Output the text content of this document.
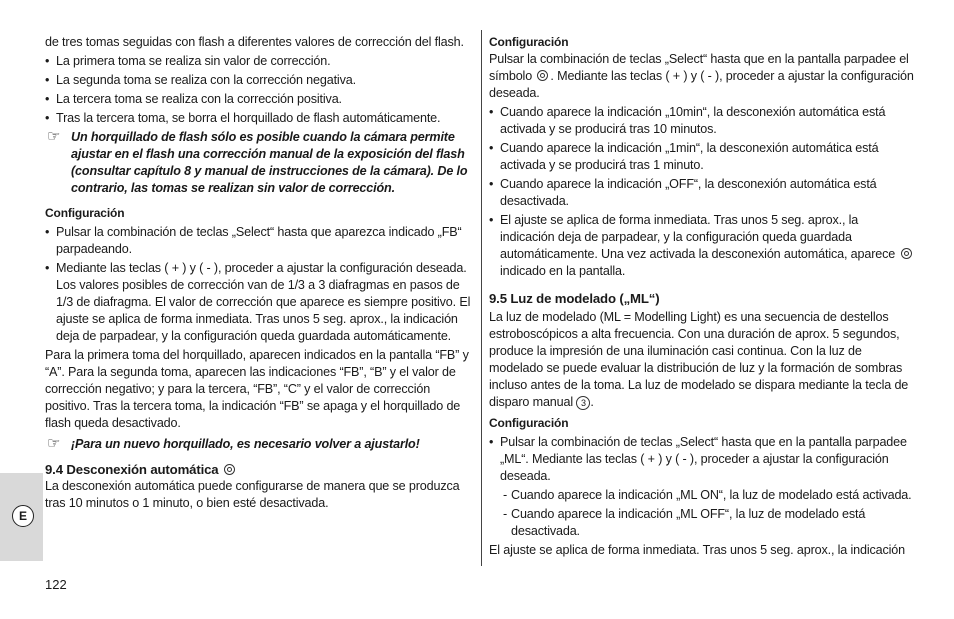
de tres tomas seguidas con flash a diferentes valores de corrección del flash.

• La primera toma se realiza sin valor de corrección.
• La segunda toma se realiza con la corrección negativa.
• La tercera toma se realiza con la corrección positiva.
• Tras la tercera toma, se borra el horquillado de flash automáticamente.
☞ Un horquillado de flash sólo es posible cuando la cámara permite ajustar en el flash una corrección manual de la exposición del flash (consultar capítulo 8 y manual de instrucciones de la cámara). De lo contrario, las tomas se realizan sin valor de corrección.

Configuración

• Pulsar la combinación de teclas „Select“ hasta que aparezca indicado „FB“ parpadeando.
• Mediante las teclas ( + ) y ( - ), proceder a ajustar la configuración deseada. Los valores posibles de corrección van de 1/3 a 3 diafragmas en pasos de 1/3 de diafragma. El valor de corrección que aparece es siempre positivo. El ajuste se aplica de forma inmediata. Tras unos 5 seg. aprox., la indicación deja de parpadear, y la configuración queda guardada automáticamente.

Para la primera toma del horquillado, aparecen indicados en la pantalla “FB” y “A”. Para la segunda toma, aparecen las indicaciones “FB”, “B” y el valor de corrección negativo; y para la tercera, “FB”, “C” y el valor de corrección positivo. Tras la tercera toma, la indicación “FB” se apaga y el horquillado de flash queda desactivado.

☞ ¡Para un nuevo horquillado, es necesario volver a ajustarlo!

9.4 Desconexión automática

La desconexión automática puede configurarse de manera que se produzca tras 10 minutos o 1 minuto, o bien esté desactivada.

Configuración

Pulsar la combinación de teclas „Select“ hasta que en la pantalla parpadee el símbolo . Mediante las teclas ( + ) y ( - ), proceder a ajustar la configuración deseada.

• Cuando aparece la indicación „10min“, la desconexión automática está activada y se producirá tras 10 minutos.
• Cuando aparece la indicación „1min“, la desconexión automática está activada y se producirá tras 1 minuto.
• Cuando aparece la indicación „OFF“, la desconexión automática está desactivada.
• El ajuste se aplica de forma inmediata. Tras unos 5 seg. aprox., la indicación deja de parpadear, y la configuración queda guardada automáticamente. Una vez activada la desconexión automática, aparece  indicado en la pantalla.

9.5 Luz de modelado („ML“)

La luz de modelado (ML = Modelling Light) es una secuencia de destellos estroboscópicos a alta frecuencia. Con una duración de aprox. 5 segundos, produce la impresión de una iluminación casi continua. Con la luz de modelado se puede evaluar la distribución de luz y la formación de sombras incluso antes de la toma. La luz de modelado se dispara mediante la tecla de disparo manual 3 .

Configuración

• Pulsar la combinación de teclas „Select“ hasta que en la pantalla parpadee „ML“. Mediante las teclas ( + ) y ( - ), proceder a ajustar la configuración deseada.
- Cuando aparece la indicación „ML ON“, la luz de modelado está activada.
- Cuando aparece la indicación „ML OFF“, la luz de modelado está desactivada.

El ajuste se aplica de forma inmediata. Tras unos 5 seg. aprox., la indicación

E
122
